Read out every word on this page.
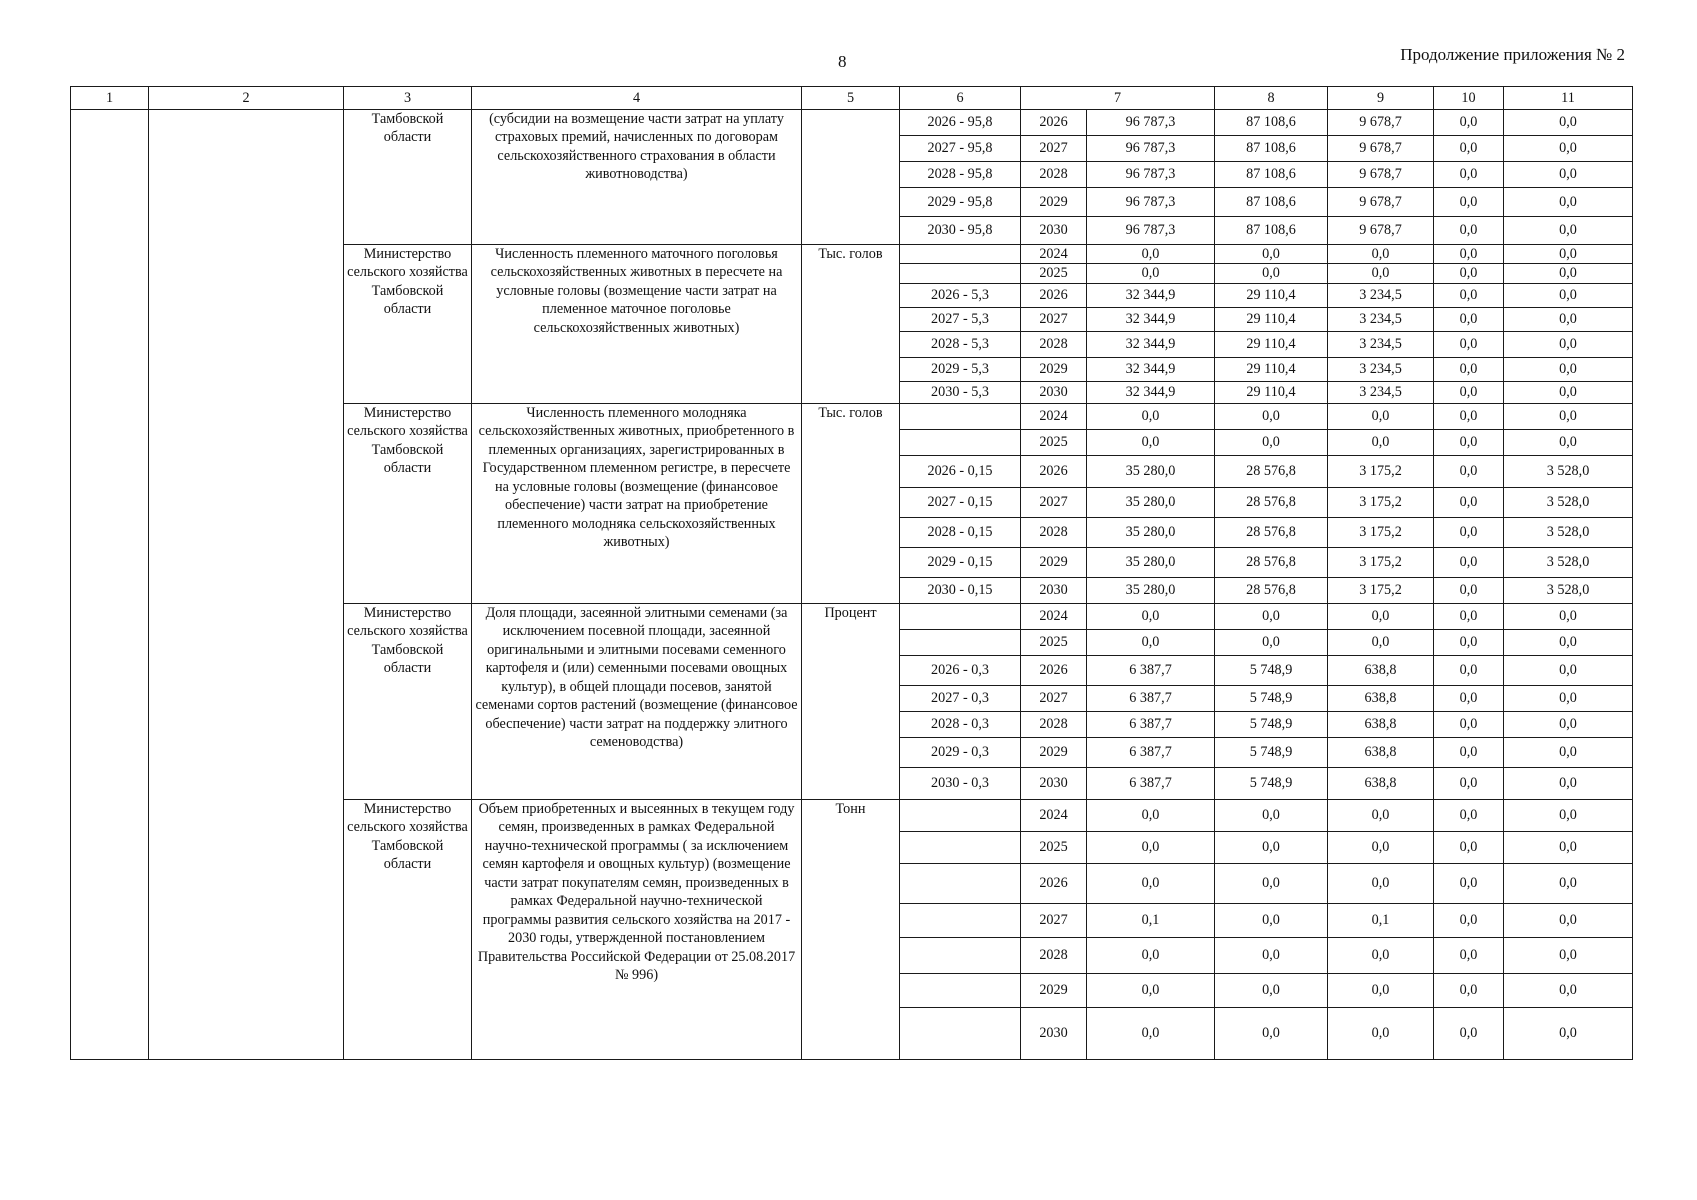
8	Продолжение приложения № 2
1	2	3	4	5	6	7		8	9	10	11
		Тамбовской области	(субсидии на возмещение части затрат на уплату страховых премий, начисленных по договорам сельскохозяйственного страхования в области животноводства)		2026 - 95,8	2026	96 787,3	87 108,6	9 678,7	0,0	0,0
					2027 - 95,8	2027	96 787,3	87 108,6	9 678,7	0,0	0,0
					2028 - 95,8	2028	96 787,3	87 108,6	9 678,7	0,0	0,0
					2029 - 95,8	2029	96 787,3	87 108,6	9 678,7	0,0	0,0
					2030 - 95,8	2030	96 787,3	87 108,6	9 678,7	0,0	0,0
		Министерство сельского хозяйства Тамбовской области	Численность племенного маточного поголовья сельскохозяйственных животных в пересчете на условные головы (возмещение части затрат на племенное маточное поголовье сельскохозяйственных животных)	Тыс. голов		2024	0,0	0,0	0,0	0,0	0,0
						2025	0,0	0,0	0,0	0,0	0,0
					2026 - 5,3	2026	32 344,9	29 110,4	3 234,5	0,0	0,0
					2027 - 5,3	2027	32 344,9	29 110,4	3 234,5	0,0	0,0
					2028 - 5,3	2028	32 344,9	29 110,4	3 234,5	0,0	0,0
					2029 - 5,3	2029	32 344,9	29 110,4	3 234,5	0,0	0,0
					2030 - 5,3	2030	32 344,9	29 110,4	3 234,5	0,0	0,0
		Министерство сельского хозяйства Тамбовской области	Численность племенного молодняка сельскохозяйственных животных, приобретенного в племенных организациях, зарегистрированных в Государственном племенном регистре, в пересчете на условные головы (возмещение (финансовое обеспечение) части затрат на приобретение племенного молодняка сельскохозяйственных животных)	Тыс. голов		2024	0,0	0,0	0,0	0,0	0,0
						2025	0,0	0,0	0,0	0,0	0,0
					2026 - 0,15	2026	35 280,0	28 576,8	3 175,2	0,0	3 528,0
					2027 - 0,15	2027	35 280,0	28 576,8	3 175,2	0,0	3 528,0
					2028 - 0,15	2028	35 280,0	28 576,8	3 175,2	0,0	3 528,0
					2029 - 0,15	2029	35 280,0	28 576,8	3 175,2	0,0	3 528,0
					2030 - 0,15	2030	35 280,0	28 576,8	3 175,2	0,0	3 528,0
		Министерство сельского хозяйства Тамбовской области	Доля площади, засеянной элитными семенами (за исключением посевной площади, засеянной оригинальными и элитными посевами семенного картофеля и (или) семенными посевами овощных культур), в общей площади посевов, занятой семенами сортов растений (возмещение (финансовое обеспечение) части затрат на поддержку элитного семеноводства)	Процент		2024	0,0	0,0	0,0	0,0	0,0
						2025	0,0	0,0	0,0	0,0	0,0
					2026 - 0,3	2026	6 387,7	5 748,9	638,8	0,0	0,0
					2027 - 0,3	2027	6 387,7	5 748,9	638,8	0,0	0,0
					2028 - 0,3	2028	6 387,7	5 748,9	638,8	0,0	0,0
					2029 - 0,3	2029	6 387,7	5 748,9	638,8	0,0	0,0
					2030 - 0,3	2030	6 387,7	5 748,9	638,8	0,0	0,0
		Министерство сельского хозяйства Тамбовской области	Объем приобретенных и высеянных в текущем году семян, произведенных в рамках Федеральной научно-технической программы ( за исключением семян картофеля и овощных культур) (возмещение части затрат покупателям семян, произведенных в рамках Федеральной научно-технической программы развития сельского хозяйства на 2017 - 2030 годы, утвержденной постановлением Правительства Российской Федерации от 25.08.2017 № 996)	Тонн		2024	0,0	0,0	0,0	0,0	0,0
						2025	0,0	0,0	0,0	0,0	0,0
						2026	0,0	0,0	0,0	0,0	0,0
						2027	0,1	0,0	0,1	0,0	0,0
						2028	0,0	0,0	0,0	0,0	0,0
						2029	0,0	0,0	0,0	0,0	0,0
						2030	0,0	0,0	0,0	0,0	0,0
